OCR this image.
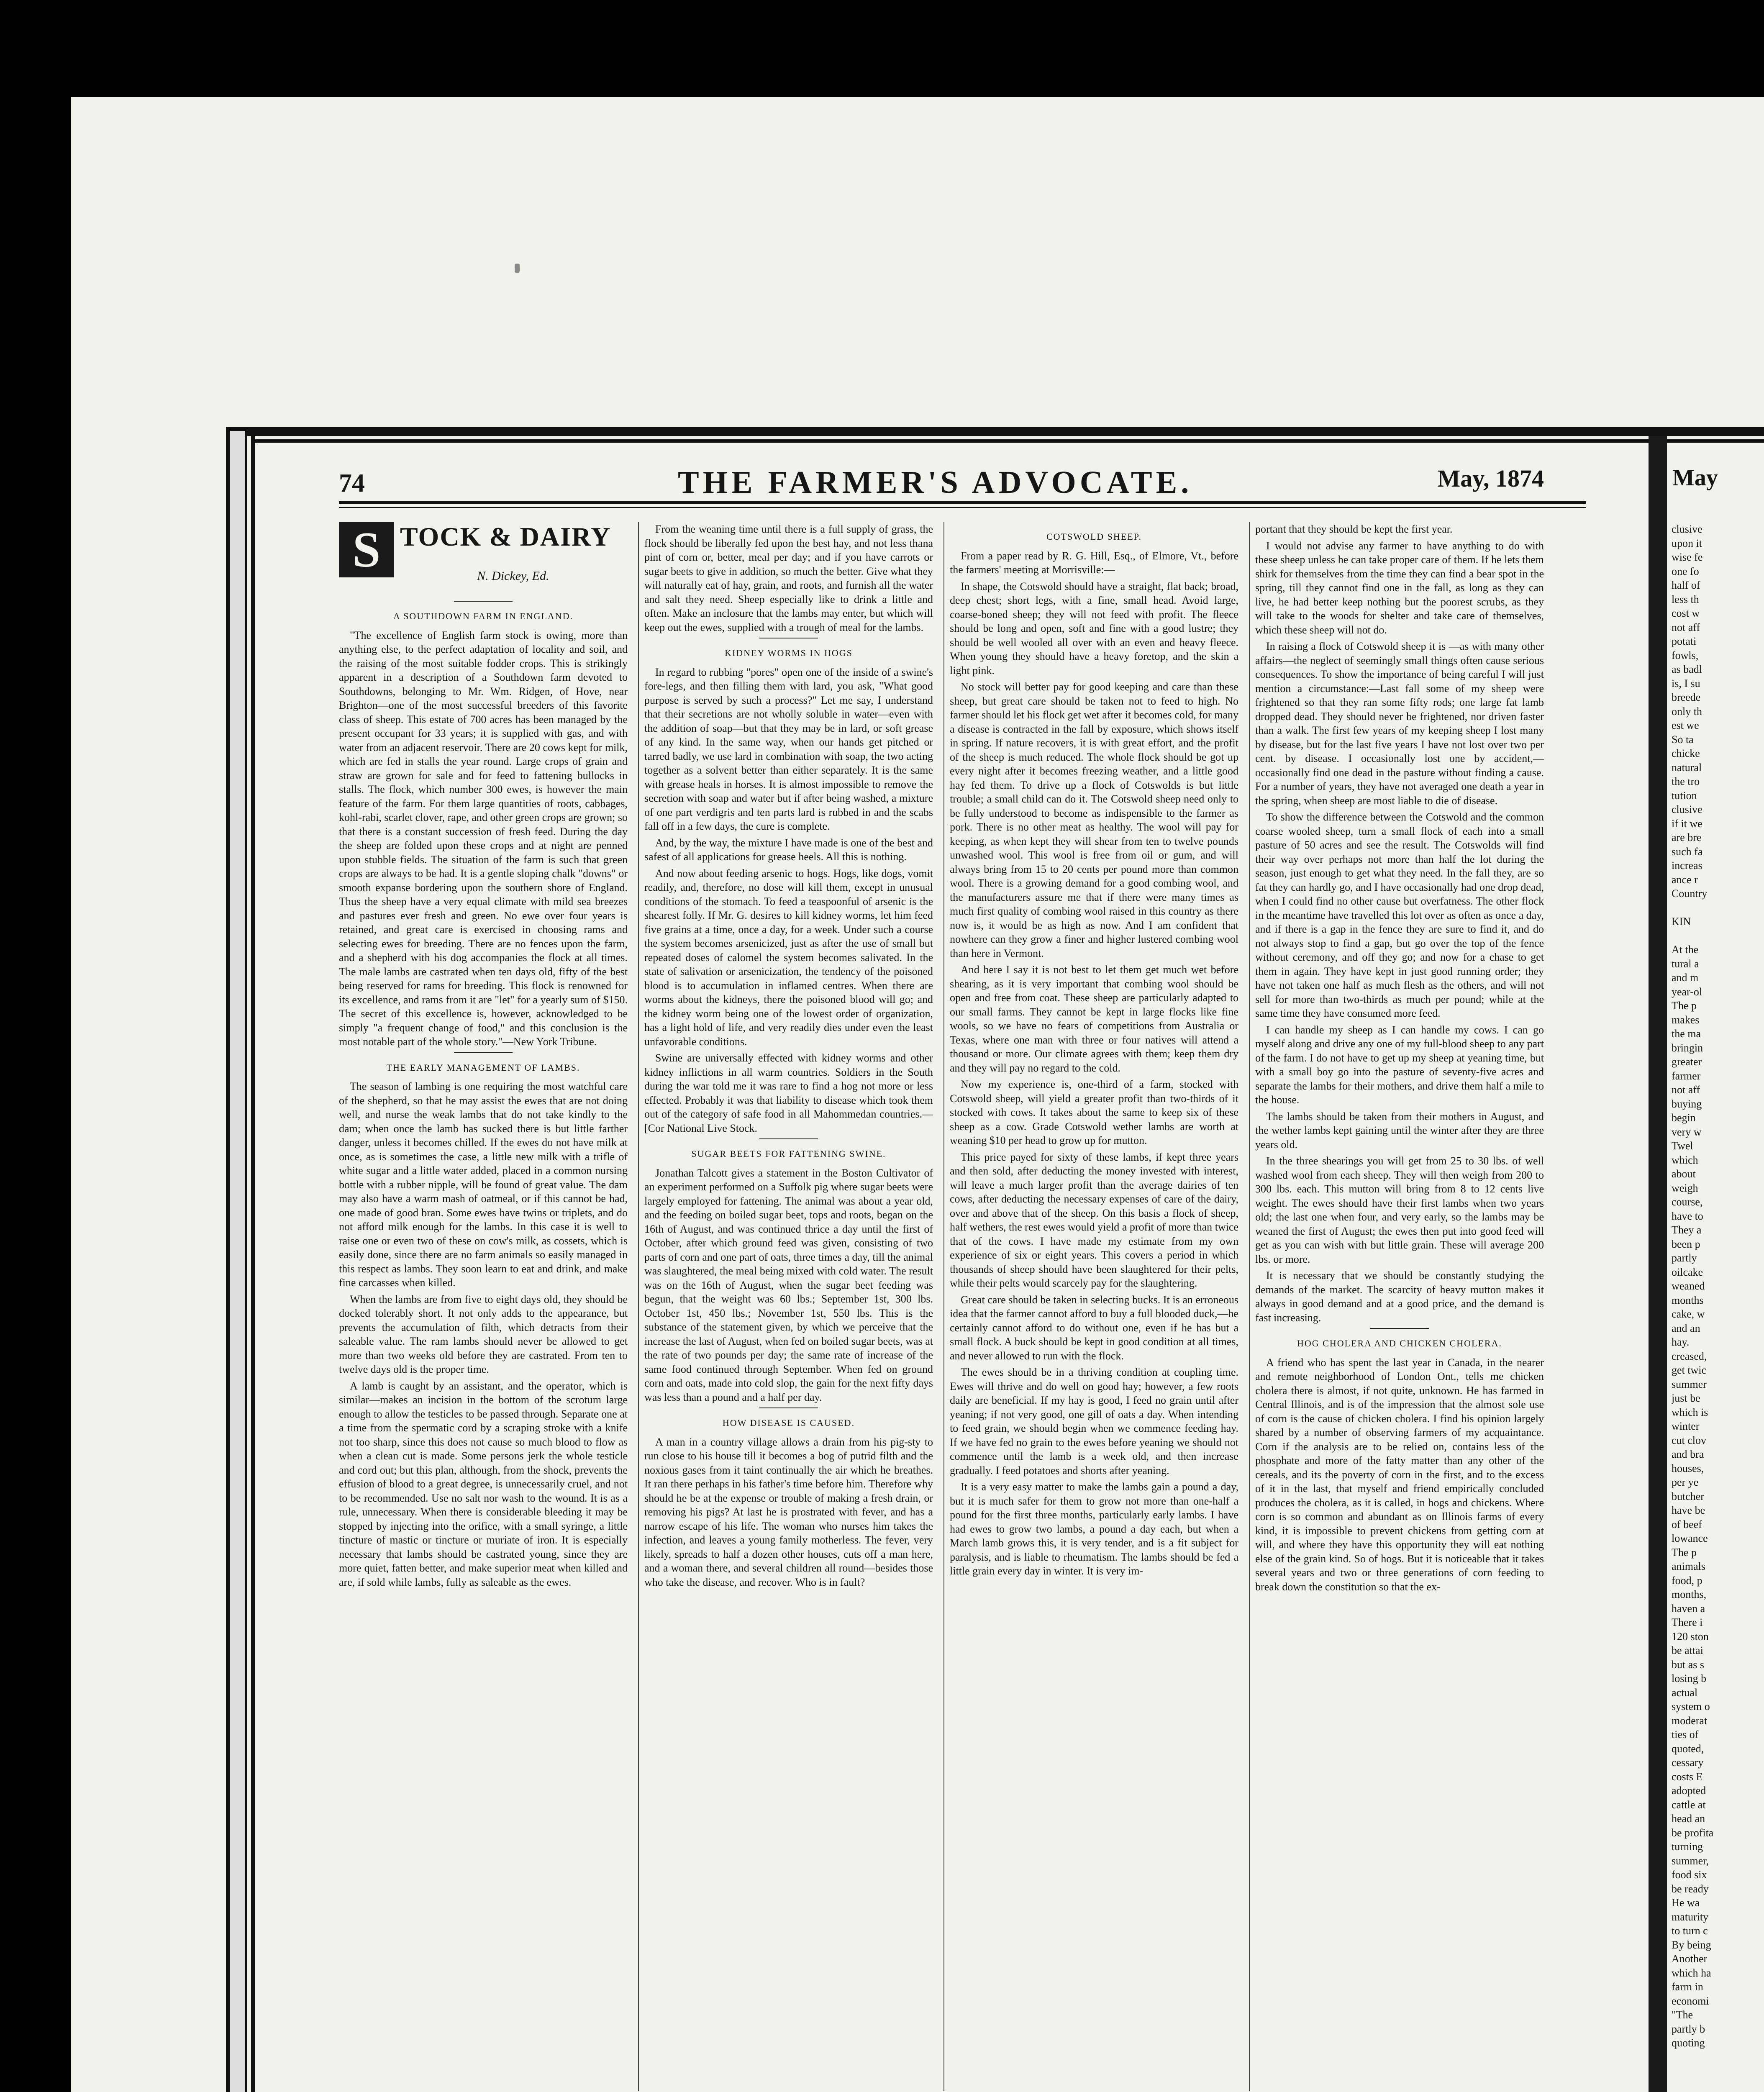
74	THE FARMER'S ADVOCATE.	May, 1874
S TOCK & DAIRY
N. Dickey, Ed.
A SOUTHDOWN FARM IN ENGLAND.

"The excellence of English farm stock is owing, more than anything else, to the perfect adaptation of locality and soil, and the raising of the most suitable fodder crops. This is strikingly apparent in a description of a Southdown farm devoted to Southdowns, belonging to Mr. Wm. Ridgen, of Hove, near Brighton—one of the most successful breeders of this favorite class of sheep. This estate of 700 acres has been managed by the present occupant for 33 years; it is supplied with gas, and with water from an adjacent reservoir. There are 20 cows kept for milk, which are fed in stalls the year round. Large crops of grain and straw are grown for sale and for feed to fattening bullocks in stalls. The flock, which number 300 ewes, is however the main feature of the farm. For them large quantities of roots, cabbages, kohl-rabi, scarlet clover, rape, and other green crops are grown; so that there is a constant succession of fresh feed. During the day the sheep are folded upon these crops and at night are penned upon stubble fields. The situation of the farm is such that green crops are always to be had. It is a gentle sloping chalk "downs" or smooth expanse bordering upon the southern shore of England. Thus the sheep have a very equal climate with mild sea breezes and pastures ever fresh and green. No ewe over four years is retained, and great care is exercised in choosing rams and selecting ewes for breeding. There are no fences upon the farm, and a shepherd with his dog accompanies the flock at all times. The male lambs are castrated when ten days old, fifty of the best being reserved for rams for breeding. This flock is renowned for its excellence, and rams from it are "let" for a yearly sum of $150. The secret of this excellence is, however, acknowledged to be simply "a frequent change of food," and this conclusion is the most notable part of the whole story."—New York Tribune.

THE EARLY MANAGEMENT OF LAMBS.

The season of lambing is one requiring the most watchful care of the shepherd, so that he may assist the ewes that are not doing well, and nurse the weak lambs that do not take kindly to the dam; when once the lamb has sucked there is but little farther danger, unless it becomes chilled. If the ewes do not have milk at once, as is sometimes the case, a little new milk with a trifle of white sugar and a little water added, placed in a common nursing bottle with a rubber nipple, will be found of great value. The dam may also have a warm mash of oatmeal, or if this cannot be had, one made of good bran. Some ewes have twins or triplets, and do not afford milk enough for the lambs. In this case it is well to raise one or even two of these on cow's milk, as cossets, which is easily done, since there are no farm animals so easily managed in this respect as lambs. They soon learn to eat and drink, and make fine carcasses when killed.

When the lambs are from five to eight days old, they should be docked tolerably short. It not only adds to the appearance, but prevents the accumulation of filth, which detracts from their saleable value. The ram lambs should never be allowed to get more than two weeks old before they are castrated. From ten to twelve days old is the proper time.

A lamb is caught by an assistant, and the operator, which is similar—makes an incision in the bottom of the scrotum large enough to allow the testicles to be passed through. Separate one at a time from the spermatic cord by a scraping stroke with a knife not too sharp, since this does not cause so much blood to flow as when a clean cut is made. Some persons jerk the whole testicle and cord out; but this plan, although, from the shock, prevents the effusion of blood to a great degree, is unnecessarily cruel, and not to be recommended. Use no salt nor wash to the wound. It is as a rule, unnecessary. When there is considerable bleeding it may be stopped by injecting into the orifice, with a small syringe, a little tincture of mastic or tincture or muriate of iron. It is especially necessary that lambs should be castrated young, since they are more quiet, fatten better, and make superior meat when killed and are, if sold while lambs, fully as saleable as the ewes.

From the weaning time until there is a full supply of grass, the flock should be liberally fed upon the best hay, and not less thana pint of corn or, better, meal per day; and if you have carrots or sugar beets to give in addition, so much the better. Give what they will naturally eat of hay, grain, and roots, and furnish all the water and salt they need. Sheep especially like to drink a little and often. Make an inclosure that the lambs may enter, but which will keep out the ewes, supplied with a trough of meal for the lambs.

KIDNEY WORMS IN HOGS

In regard to rubbing "pores" open one of the inside of a swine's fore-legs, and then filling them with lard, you ask, "What good purpose is served by such a process?" Let me say, I understand that their secretions are not wholly soluble in water—even with the addition of soap—but that they may be in lard, or soft grease of any kind. In the same way, when our hands get pitched or tarred badly, we use lard in combination with soap, the two acting together as a solvent better than either separately. It is the same with grease heals in horses. It is almost impossible to remove the secretion with soap and water but if after being washed, a mixture of one part verdigris and ten parts lard is rubbed in and the scabs fall off in a few days, the cure is complete.

And, by the way, the mixture I have made is one of the best and safest of all applications for grease heels. All this is nothing.

And now about feeding arsenic to hogs. Hogs, like dogs, vomit readily, and, therefore, no dose will kill them, except in unusual conditions of the stomach. To feed a teaspoonful of arsenic is the shearest folly. If Mr. G. desires to kill kidney worms, let him feed five grains at a time, once a day, for a week. Under such a course the system becomes arsenicized, just as after the use of small but repeated doses of calomel the system becomes salivated. In the state of salivation or arsenicization, the tendency of the poisoned blood is to accumulation in inflamed centres. When there are worms about the kidneys, there the poisoned blood will go; and the kidney worm being one of the lowest order of organization, has a light hold of life, and very readily dies under even the least unfavorable conditions.

Swine are universally effected with kidney worms and other kidney inflictions in all warm countries. Soldiers in the South during the war told me it was rare to find a hog not more or less effected. Probably it was that liability to disease which took them out of the category of safe food in all Mahommedan countries.—[Cor National Live Stock.

SUGAR BEETS FOR FATTENING SWINE.

Jonathan Talcott gives a statement in the Boston Cultivator of an experiment performed on a Suffolk pig where sugar beets were largely employed for fattening. The animal was about a year old, and the feeding on boiled sugar beet, tops and roots, began on the 16th of August, and was continued thrice a day until the first of October, after which ground feed was given, consisting of two parts of corn and one part of oats, three times a day, till the animal was slaughtered, the meal being mixed with cold water. The result was on the 16th of August, when the sugar beet feeding was begun, that the weight was 60 lbs.; September 1st, 300 lbs. October 1st, 450 lbs.; November 1st, 550 lbs. This is the substance of the statement given, by which we perceive that the increase the last of August, when fed on boiled sugar beets, was at the rate of two pounds per day; the same rate of increase of the same food continued through September. When fed on ground corn and oats, made into cold slop, the gain for the next fifty days was less than a pound and a half per day.

HOW DISEASE IS CAUSED.

A man in a country village allows a drain from his pig-sty to run close to his house till it becomes a bog of putrid filth and the noxious gases from it taint continually the air which he breathes. It ran there perhaps in his father's time before him. Therefore why should he be at the expense or trouble of making a fresh drain, or removing his pigs? At last he is prostrated with fever, and has a narrow escape of his life. The woman who nurses him takes the infection, and leaves a young family motherless. The fever, very likely, spreads to half a dozen other houses, cuts off a man here, and a woman there, and several children all round—besides those who take the disease, and recover. Who is in fault?

COTSWOLD SHEEP.

From a paper read by R. G. Hill, Esq., of Elmore, Vt., before the farmers' meeting at Morrisville:—

In shape, the Cotswold should have a straight, flat back; broad, deep chest; short legs, with a fine, small head. Avoid large, coarse-boned sheep; they will not feed with profit. The fleece should be long and open, soft and fine with a good lustre; they should be well wooled all over with an even and heavy fleece. When young they should have a heavy foretop, and the skin a light pink.

No stock will better pay for good keeping and care than these sheep, but great care should be taken not to feed to high. No farmer should let his flock get wet after it becomes cold, for many a disease is contracted in the fall by exposure, which shows itself in spring. If nature recovers, it is with great effort, and the profit of the sheep is much reduced. The whole flock should be got up every night after it becomes freezing weather, and a little good hay fed them. To drive up a flock of Cotswolds is but little trouble; a small child can do it. The Cotswold sheep need only to be fully understood to become as indispensible to the farmer as pork. There is no other meat as healthy. The wool will pay for keeping, as when kept they will shear from ten to twelve pounds unwashed wool. This wool is free from oil or gum, and will always bring from 15 to 20 cents per pound more than common wool. There is a growing demand for a good combing wool, and the manufacturers assure me that if there were many times as much first quality of combing wool raised in this country as there now is, it would be as high as now. And I am confident that nowhere can they grow a finer and higher lustered combing wool than here in Vermont.

And here I say it is not best to let them get much wet before shearing, as it is very important that combing wool should be open and free from coat. These sheep are particularly adapted to our small farms. They cannot be kept in large flocks like fine wools, so we have no fears of competitions from Australia or Texas, where one man with three or four natives will attend a thousand or more. Our climate agrees with them; keep them dry and they will pay no regard to the cold.

Now my experience is, one-third of a farm, stocked with Cotswold sheep, will yield a greater profit than two-thirds of it stocked with cows. It takes about the same to keep six of these sheep as a cow. Grade Cotswold wether lambs are worth at weaning $10 per head to grow up for mutton.

This price payed for sixty of these lambs, if kept three years and then sold, after deducting the money invested with interest, will leave a much larger profit than the average dairies of ten cows, after deducting the necessary expenses of care of the dairy, over and above that of the sheep. On this basis a flock of sheep, half wethers, the rest ewes would yield a profit of more than twice that of the cows. I have made my estimate from my own experience of six or eight years. This covers a period in which thousands of sheep should have been slaughtered for their pelts, while their pelts would scarcely pay for the slaughtering.

Great care should be taken in selecting bucks. It is an erroneous idea that the farmer cannot afford to buy a full blooded duck,—he certainly cannot afford to do without one, even if he has but a small flock. A buck should be kept in good condition at all times, and never allowed to run with the flock.

The ewes should be in a thriving condition at coupling time. Ewes will thrive and do well on good hay; however, a few roots daily are beneficial. If my hay is good, I feed no grain until after yeaning; if not very good, one gill of oats a day. When intending to feed grain, we should begin when we commence feeding hay. If we have fed no grain to the ewes before yeaning we should not commence until the lamb is a week old, and then increase gradually. I feed potatoes and shorts after yeaning.

It is a very easy matter to make the lambs gain a pound a day, but it is much safer for them to grow not more than one-half a pound for the first three months, particularly early lambs. I have had ewes to grow two lambs, a pound a day each, but when a March lamb grows this, it is very tender, and is a fit subject for paralysis, and is liable to rheumatism. The lambs should be fed a little grain every day in winter. It is very im-

portant that they should be kept the first year.

I would not advise any farmer to have anything to do with these sheep unless he can take proper care of them. If he lets them shirk for themselves from the time they can find a bear spot in the spring, till they cannot find one in the fall, as long as they can live, he had better keep nothing but the poorest scrubs, as they will take to the woods for shelter and take care of themselves, which these sheep will not do.

In raising a flock of Cotswold sheep it is —as with many other affairs—the neglect of seemingly small things often cause serious consequences. To show the importance of being careful I will just mention a circumstance:—Last fall some of my sheep were frightened so that they ran some fifty rods; one large fat lamb dropped dead. They should never be frightened, nor driven faster than a walk. The first few years of my keeping sheep I lost many by disease, but for the last five years I have not lost over two per cent. by disease. I occasionally lost one by accident,—occasionally find one dead in the pasture without finding a cause. For a number of years, they have not averaged one death a year in the spring, when sheep are most liable to die of disease.

To show the difference between the Cotswold and the common coarse wooled sheep, turn a small flock of each into a small pasture of 50 acres and see the result. The Cotswolds will find their way over perhaps not more than half the lot during the season, just enough to get what they need. In the fall they, are so fat they can hardly go, and I have occasionally had one drop dead, when I could find no other cause but overfatness. The other flock in the meantime have travelled this lot over as often as once a day, and if there is a gap in the fence they are sure to find it, and do not always stop to find a gap, but go over the top of the fence without ceremony, and off they go; and now for a chase to get them in again. They have kept in just good running order; they have not taken one half as much flesh as the others, and will not sell for more than two-thirds as much per pound; while at the same time they have consumed more feed.

I can handle my sheep as I can handle my cows. I can go myself along and drive any one of my full-blood sheep to any part of the farm. I do not have to get up my sheep at yeaning time, but with a small boy go into the pasture of seventy-five acres and separate the lambs for their mothers, and drive them half a mile to the house.

The lambs should be taken from their mothers in August, and the wether lambs kept gaining until the winter after they are three years old.

In the three shearings you will get from 25 to 30 lbs. of well washed wool from each sheep. They will then weigh from 200 to 300 lbs. each. This mutton will bring from 8 to 12 cents live weight. The ewes should have their first lambs when two years old; the last one when four, and very early, so the lambs may be weaned the first of August; the ewes then put into good feed will get as you can wish with but little grain. These will average 200 lbs. or more.

It is necessary that we should be constantly studying the demands of the market. The scarcity of heavy mutton makes it always in good demand and at a good price, and the demand is fast increasing.

HOG CHOLERA AND CHICKEN CHOLERA.

A friend who has spent the last year in Canada, in the nearer and remote neighborhood of London Ont., tells me chicken cholera there is almost, if not quite, unknown. He has farmed in Central Illinois, and is of the impression that the almost sole use of corn is the cause of chicken cholera. I find his opinion largely shared by a number of observing farmers of my acquaintance. Corn if the analysis are to be relied on, contains less of the phosphate and more of the fatty matter than any other of the cereals, and its the poverty of corn in the first, and to the excess of it in the last, that myself and friend empirically concluded produces the cholera, as it is called, in hogs and chickens. Where corn is so common and abundant as on Illinois farms of every kind, it is impossible to prevent chickens from getting corn at will, and where they have this opportunity they will eat nothing else of the grain kind. So of hogs. But it is noticeable that it takes several years and two or three generations of corn feeding to break down the constitution so that the ex-

May
clusive
upon it
wise fe
one fo
half of
less th
cost w
not aff
potati
fowls,
as badl
is, I su
breede
only th
est we
So ta
chicke
natural
the tro
tution
clusive
if it we
are bre
such fa
increas
ance r
Country

KIN

At the
tural a
and m
year-ol
The p
makes
the ma
bringin
greater
farmer
not aff
buying
begin
very w
Twel
which
about
weigh
course,
have to
They a
been p
partly
oilcake
weaned
months
cake, w
and an
hay.
creased,
get twic
summer
just be
which is
winter
cut clov
and bra
houses,
per ye
butcher
have be
of beef
lowance
The p
animals
food, p
months,
haven a
There i
120 ston
be attai
but as s
losing b
actual
system o
moderat
ties of
quoted,
cessary
costs E
adopted
cattle at
head an
be profita
turning
summer,
food six
be ready
He wa
maturity
to turn c
By being
Another
which ha
farm in
economi
"The
partly b
quoting
